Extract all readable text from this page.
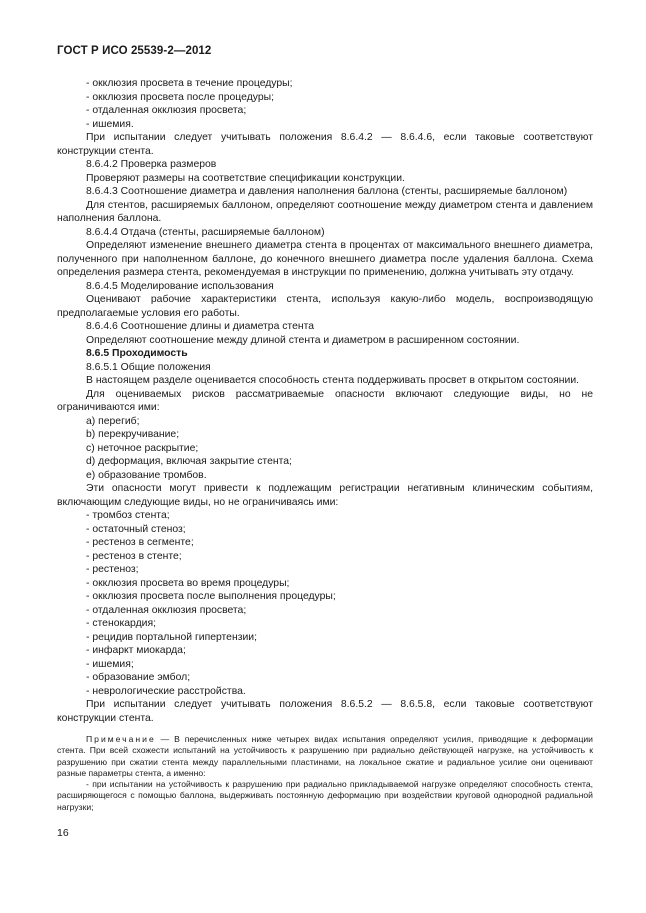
ГОСТ Р ИСО 25539-2—2012

- окклюзия просвета в течение процедуры;

- окклюзия просвета после процедуры;

- отдаленная окклюзия просвета;

- ишемия.

При испытании следует учитывать положения 8.6.4.2 — 8.6.4.6, если таковые соответствуют конструкции стента.

8.6.4.2 Проверка размеров

Проверяют размеры на соответствие спецификации конструкции.

8.6.4.3 Соотношение диаметра и давления наполнения баллона (стенты, расширяемые баллоном)

Для стентов, расширяемых баллоном, определяют соотношение между диаметром стента и давлением наполнения баллона.

8.6.4.4 Отдача (стенты, расширяемые баллоном)

Определяют изменение внешнего диаметра стента в процентах от максимального внешнего диаметра, полученного при наполненном баллоне, до конечного внешнего диаметра после удаления баллона. Схема определения размера стента, рекомендуемая в инструкции по применению, должна учитывать эту отдачу.

8.6.4.5 Моделирование использования

Оценивают рабочие характеристики стента, используя какую-либо модель, воспроизводящую предполагаемые условия его работы.

8.6.4.6 Соотношение длины и диаметра стента

Определяют соотношение между длиной стента и диаметром в расширенном состоянии.

8.6.5 Проходимость

8.6.5.1 Общие положения

В настоящем разделе оценивается способность стента поддерживать просвет в открытом состоянии.

Для оцениваемых рисков рассматриваемые опасности включают следующие виды, но не ограничиваются ими:

a) перегиб;

b) перекручивание;

c) неточное раскрытие;

d) деформация, включая закрытие стента;

e) образование тромбов.

Эти опасности могут привести к подлежащим регистрации негативным клиническим событиям, включающим следующие виды, но не ограничиваясь ими:

- тромбоз стента;

- остаточный стеноз;

- рестеноз в сегменте;

- рестеноз в стенте;

- рестеноз;

- окклюзия просвета во время процедуры;

- окклюзия просвета после выполнения процедуры;

- отдаленная окклюзия просвета;

- стенокардия;

- рецидив портальной гипертензии;

- инфаркт миокарда;

- ишемия;

- образование эмбол;

- неврологические расстройства.

При испытании следует учитывать положения 8.6.5.2 — 8.6.5.8, если таковые соответствуют конструкции стента.

Примечание — В перечисленных ниже четырех видах испытания определяют усилия, приводящие к деформации стента. При всей схожести испытаний на устойчивость к разрушению при радиально действующей нагрузке, на устойчивость к разрушению при сжатии стента между параллельными пластинами, на локальное сжатие и радиальное усилие они оценивают разные параметры стента, а именно:

- при испытании на устойчивость к разрушению при радиально прикладываемой нагрузке определяют способность стента, расширяющегося с помощью баллона, выдерживать постоянную деформацию при воздействии круговой однородной радиальной нагрузки;

16
